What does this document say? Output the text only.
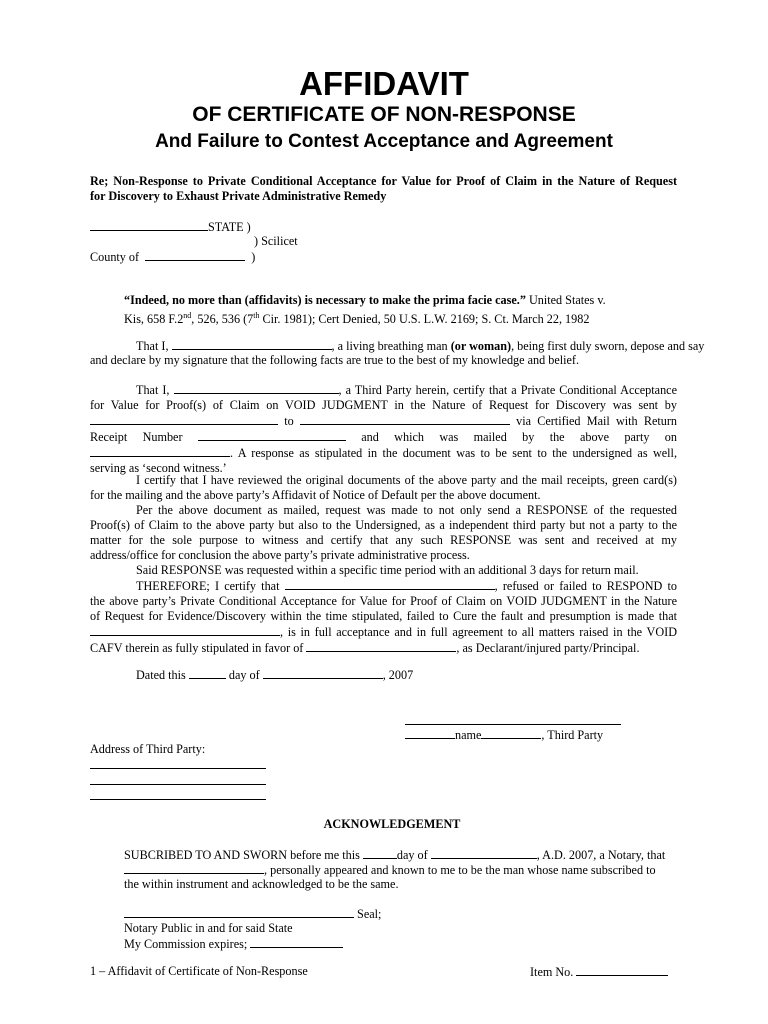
AFFIDAVIT
OF CERTIFICATE OF NON-RESPONSE
And Failure to Contest Acceptance and Agreement
Re; Non-Response to Private Conditional Acceptance for Value for Proof of Claim in the Nature of Request
for Discovery to Exhaust Private Administrative Remedy
STATE )
) Scilicet
County of	)
“Indeed, no more than (affidavits) is necessary to make the prima facie case.” United States v.
Kis, 658 F.2nd, 526, 536 (7th Cir. 1981); Cert Denied, 50 U.S. L.W. 2169; S. Ct. March 22, 1982
That I,	, a living breathing man (or woman), being first duly sworn, depose and say
and declare by my signature that the following facts are true to the best of my knowledge and belief.
That I,	, a Third Party herein, certify that a Private Conditional Acceptance
for Value for Proof(s) of Claim on VOID JUDGMENT in the Nature of Request for Discovery was sent by
to	via Certified Mail with Return
Receipt Number	and which was mailed by the above party on
. A response as stipulated in the document was to be sent to the undersigned as well,
serving as ‘second witness.’
I certify that I have reviewed the original documents of the above party and the mail receipts, green card(s)
for the mailing and the above party’s Affidavit of Notice of Default per the above document.
Per the above document as mailed, request was made to not only send a RESPONSE of the requested
Proof(s) of Claim to the above party but also to the Undersigned, as a independent third party but not a party to the
matter for the sole purpose to witness and certify that any such RESPONSE was sent and received at my
address/office for conclusion the above party’s private administrative process.
Said RESPONSE was requested within a specific time period with an additional 3 days for return mail.
THEREFORE; I certify that	, refused or failed to RESPOND to
the above party’s Private Conditional Acceptance for Value for Proof of Claim on VOID JUDGMENT in the Nature
of Request for Evidence/Discovery within the time stipulated, failed to Cure the fault and presumption is made that
, is in full acceptance and in full agreement to all matters raised in the VOID
CAFV therein as fully stipulated in favor of	, as Declarant/injured party/Principal.
Dated this	day of	, 2007
name	, Third Party
Address of Third Party:
ACKNOWLEDGEMENT
SUBCRIBED TO AND SWORN before me this	day of	, A.D. 2007, a Notary, that
, personally appeared and known to me to be the man whose name subscribed to
the within instrument and acknowledged to be the same.
Seal;
Notary Public in and for said State
My Commission expires;
1 – Affidavit of Certificate of Non-Response	Item No.
